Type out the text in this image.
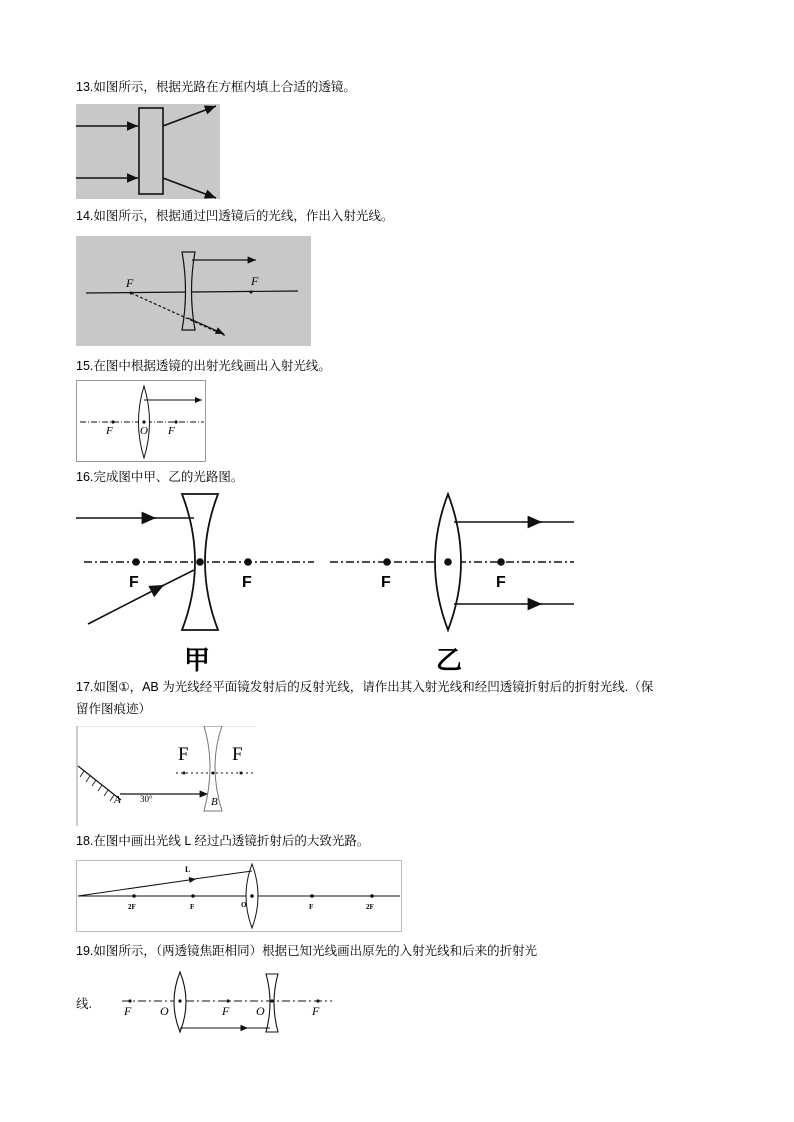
13.如图所示，根据光路在方框内填上合适的透镜。
14.如图所示，根据通过凹透镜后的光线，作出入射光线。
F	F
15.在图中根据透镜的出射光线画出入射光线。
F O F
16.完成图中甲、乙的光路图。
F	F	F	F
甲	乙
17.如图①，AB 为光线经平面镜发射后的反射光线，请作出其入射光线和经凹透镜折射后的折射光线.（保
留作图痕迹）
F F
A 30°	B
18.在图中画出光线 L 经过凸透镜折射后的大致光路。
L
2F	F	O	F	2F
19.如图所示，（两透镜焦距相同）根据已知光线画出原先的入射光线和后来的折射光
线.	F O	F O	F
